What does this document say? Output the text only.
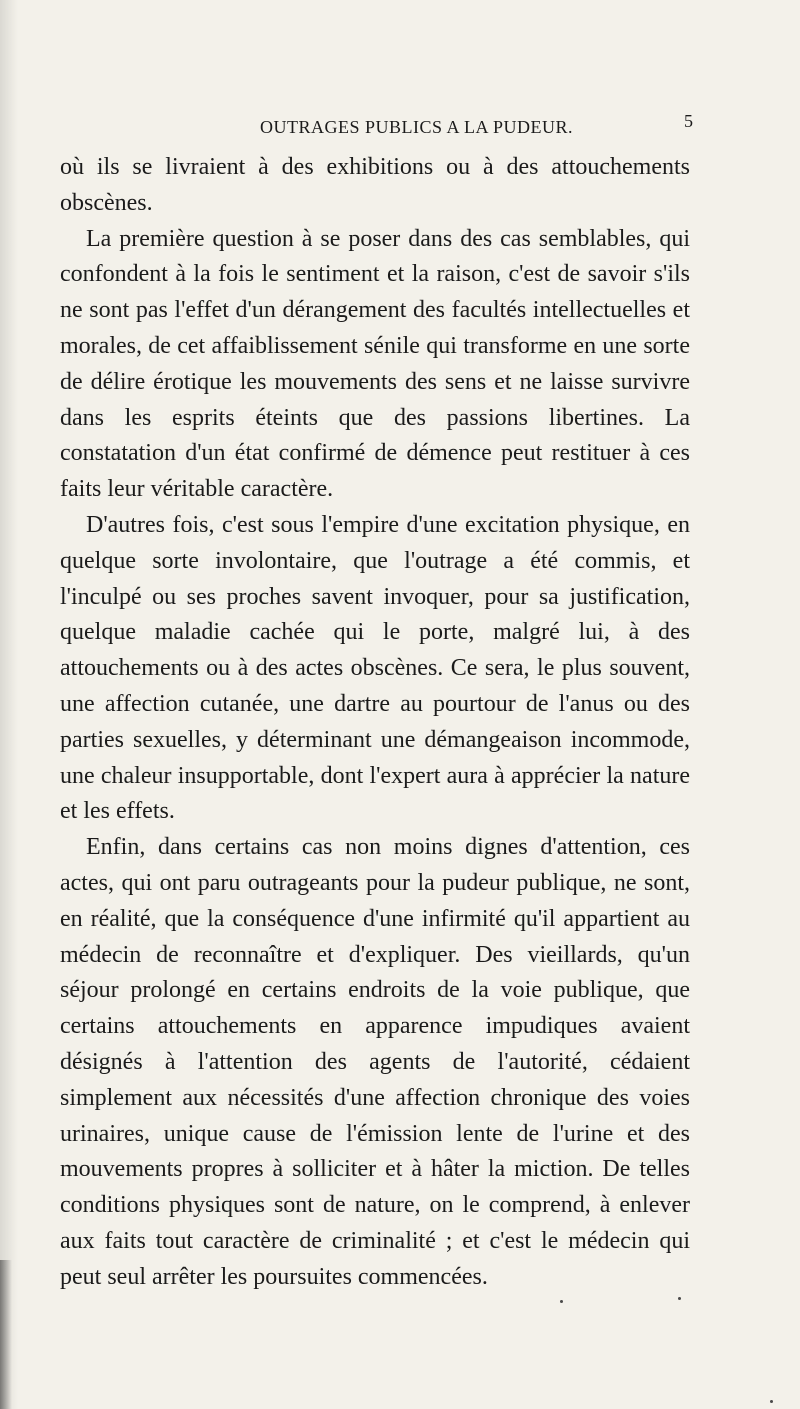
OUTRAGES PUBLICS A LA PUDEUR.	5

où ils se livraient à des exhibitions ou à des attouchements obscènes.

La première question à se poser dans des cas semblables, qui confondent à la fois le sentiment et la raison, c'est de savoir s'ils ne sont pas l'effet d'un dérangement des facultés intellectuelles et morales, de cet affaiblissement sénile qui transforme en une sorte de délire érotique les mouvements des sens et ne laisse survivre dans les esprits éteints que des passions libertines. La constatation d'un état confirmé de démence peut restituer à ces faits leur véritable caractère.

D'autres fois, c'est sous l'empire d'une excitation physique, en quelque sorte involontaire, que l'outrage a été commis, et l'inculpé ou ses proches savent invoquer, pour sa justification, quelque maladie cachée qui le porte, malgré lui, à des attouchements ou à des actes obscènes. Ce sera, le plus souvent, une affection cutanée, une dartre au pourtour de l'anus ou des parties sexuelles, y déterminant une démangeaison incommode, une chaleur insupportable, dont l'expert aura à apprécier la nature et les effets.

Enfin, dans certains cas non moins dignes d'attention, ces actes, qui ont paru outrageants pour la pudeur publique, ne sont, en réalité, que la conséquence d'une infirmité qu'il appartient au médecin de reconnaître et d'expliquer. Des vieillards, qu'un séjour prolongé en certains endroits de la voie publique, que certains attouchements en apparence impudiques avaient désignés à l'attention des agents de l'autorité, cédaient simplement aux nécessités d'une affection chronique des voies urinaires, unique cause de l'émission lente de l'urine et des mouvements propres à solliciter et à hâter la miction. De telles conditions physiques sont de nature, on le comprend, à enlever aux faits tout caractère de criminalité ; et c'est le médecin qui peut seul arrêter les poursuites commencées.
